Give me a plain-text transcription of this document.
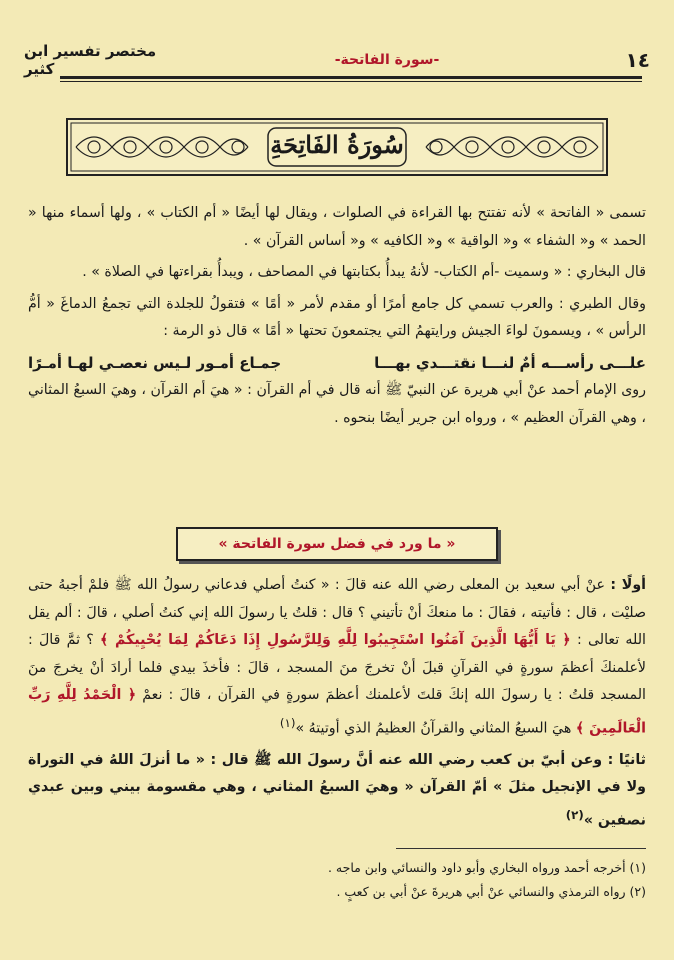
مختصر تفسير ابن كثير	-سورة الفاتحة-	١٤
سُورَةُ الفَاتِحَةِ

تسمى « الفاتحة » لأنه تفتتح بها القراءة في الصلوات ، ويقال لها أيضًا « أم الكتاب » ، ولها أسماء منها « الحمد » و« الشفاء » و« الواقية » و« الكافيه » و« أساس القرآن » .

قال البخاري : « وسميت -أم الكتاب- لأنهُ يبدأُ بكتابتها في المصاحف ، ويبدأُ بقراءتها في الصلاة » .

وقال الطبري : والعرب تسمي كل جامع أمرًا أو مقدم لأمر « أمًا » فتقولُ للجلدة التي تجمعُ الدماغَ « أمُّ الرأس » ، ويسمونَ لواءَ الجيش ورايتهمُ التي يجتمعونَ تحتها « أمًا » قال ذو الرمة :

علـــى رأســـه أمٌ لنـــا نقتـــدي بهـــا
جمـاع أمـور لـيس نعصـي لهـا أمـرًا

روى الإمام أحمد عنْ أبي هريرة عن النبيّ ﷺ أنه قال في أم القرآن : « هيَ أم القرآن ، وهيَ السبعُ المثاني ، وهي القرآن العظيم » ، ورواه ابن جرير أيضًا بنحوه .

« ما ورد في فضل سورة الفاتحة »

أولًا : عنْ أبي سعيد بن المعلى رضي الله عنه قالَ : « كنتُ أصلي فدعاني رسولُ الله ﷺ فلمْ أجبهُ حتى صليْت ، قال : فأتيته ، فقالَ : ما منعكَ أنْ تأتيني ؟ قال : قلتُ يا رسولَ الله إني كنتُ أصلي ، قالَ : ألم يقل الله تعالى : ﴿ يَا أَيُّهَا الَّذِينَ آمَنُوا اسْتَجِيبُوا لِلَّهِ وَلِلرَّسُولِ إِذَا دَعَاكُمْ لِمَا يُحْيِيكُمْ ﴾ ؟ ثمَّ قالَ : لأعلمنكَ أعظمَ سورةٍ في القرآنِ قبلَ أنْ تخرجَ منَ المسجد ، قالَ : فأخذَ بيدي فلما أرادَ أنْ يخرجَ منَ المسجد قلتُ : يا رسولَ الله إنكَ قلتَ لأعلمنك أعظمَ سورةٍ في القرآن ، قالَ : نعمْ ﴿ الْحَمْدُ لِلَّهِ رَبِّ الْعَالَمِينَ ﴾ هيَ السبعُ المثاني والقرآنُ العظيمُ الذي أوتيتهُ »$^{(١)}$

ثانيًا : وعن أبيّ بن كعب رضي الله عنه أنَّ رسولَ الله ﷺ قال : « ما أنزلَ اللهُ في التوراة ولا في الإنجيل مثلَ » أمّ القرآن « وهيَ السبعُ المثاني ، وهي مقسومة بيني وبين عبدي نصفين »$^{(٢)}$

(١) أخرجه أحمد ورواه البخاري وأبو داود والنسائي وابن ماجه .
(٢) رواه الترمذي والنسائي عنْ أبي هريرةَ عنْ أبي بن كعبٍ .
